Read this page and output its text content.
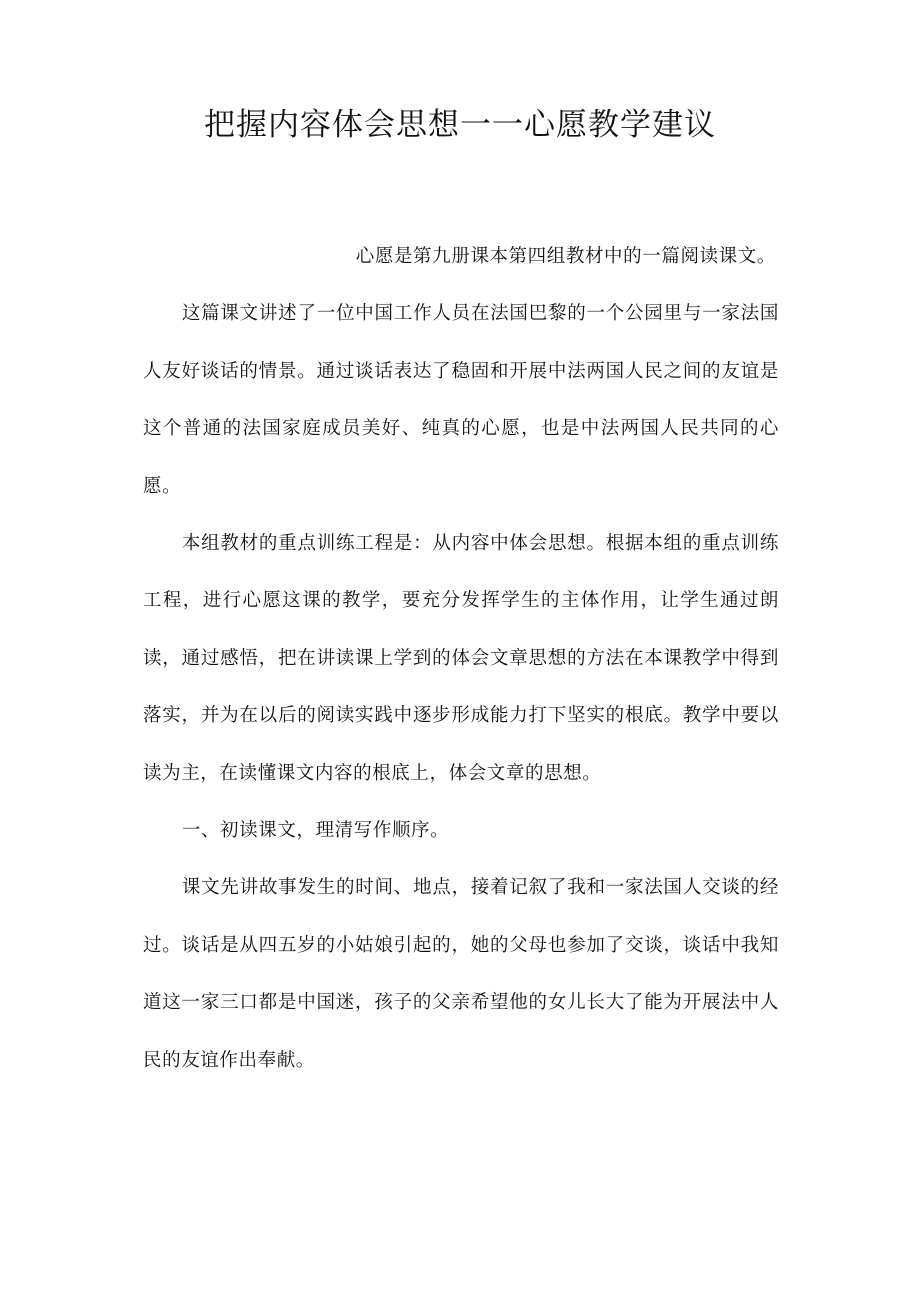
把握内容体会思想一一心愿教学建议

心愿是第九册课本第四组教材中的一篇阅读课文。

这篇课文讲述了一位中国工作人员在法国巴黎的一个公园里与一家法国人友好谈话的情景。通过谈话表达了稳固和开展中法两国人民之间的友谊是这个普通的法国家庭成员美好、纯真的心愿，也是中法两国人民共同的心愿。

本组教材的重点训练工程是：从内容中体会思想。根据本组的重点训练工程，进行心愿这课的教学，要充分发挥学生的主体作用，让学生通过朗读，通过感悟，把在讲读课上学到的体会文章思想的方法在本课教学中得到落实，并为在以后的阅读实践中逐步形成能力打下坚实的根底。教学中要以读为主，在读懂课文内容的根底上，体会文章的思想。

一、初读课文，理清写作顺序。

课文先讲故事发生的时间、地点，接着记叙了我和一家法国人交谈的经过。谈话是从四五岁的小姑娘引起的，她的父母也参加了交谈，谈话中我知道这一家三口都是中国迷，孩子的父亲希望他的女儿长大了能为开展法中人民的友谊作出奉献。
